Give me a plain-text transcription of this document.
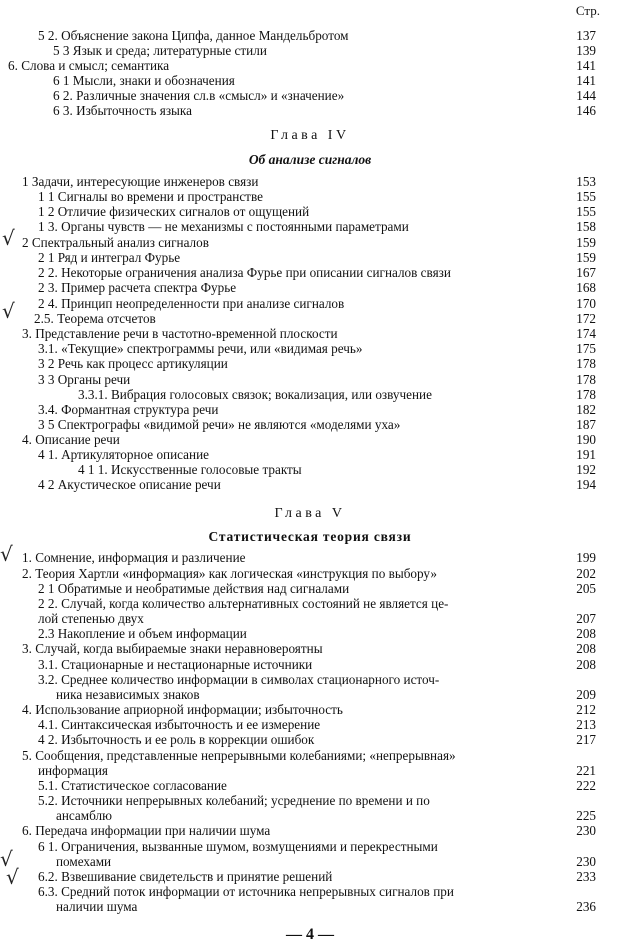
Стр.
5 2. Объяснение закона Ципфа, данное Мандельбротом	137
5 3 Язык и среда; литературные стили	139
6. Слова и смысл; семантика	141
6 1 Мысли, знаки и обозначения	141
6 2. Различные значения сл.в «смысл» и «значение»	144
6 3. Избыточность языка	146
1 Задачи, интересующие инженеров связи	153
1 1 Сигналы во времени и пространстве	155
1 2 Отличие физических сигналов от ощущений	155
1 3. Органы чувств — не механизмы с постоянными параметрами	158
2 Спектральный анализ сигналов	159
2 1 Ряд и интеграл Фурье	159
2 2. Некоторые ограничения анализа Фурье при описании сигналов связи	167
2 3. Пример расчета спектра Фурье	168
2 4. Принцип неопределенности при анализе сигналов	170
2.5. Теорема отсчетов	172
3. Представление речи в частотно-временной плоскости	174
3.1. «Текущие» спектрограммы речи, или «видимая речь»	175
3 2 Речь как процесс артикуляции	178
3 3 Органы речи	178
3.3.1. Вибрация голосовых связок; вокализация, или озвучение	178
3.4. Формантная структура речи	182
3 5 Спектрографы «видимой речи» не являются «моделями уха»	187
4. Описание речи	190
4 1. Артикуляторное описание	191
4 1 1. Искусственные голосовые тракты	192
4 2 Акустическое описание речи	194
1. Сомнение, информация и различение	199
2. Теория Хартли «информация» как логическая «инструкция по выбору»	202
2 1 Обратимые и необратимые действия над сигналами	205
2 2. Случай, когда количество альтернативных состояний не является це-
лой степенью двух	207
2.3 Накопление и объем информации	208
3. Случай, когда выбираемые знаки неравновероятны	208
3.1. Стационарные и нестационарные источники	208
3.2. Среднее количество информации в символах стационарного источ-
ника независимых знаков	209
4. Использование априорной информации; избыточность	212
4.1. Синтаксическая избыточность и ее измерение	213
4 2. Избыточность и ее роль в коррекции ошибок	217
5. Сообщения, представленные непрерывными колебаниями; «непрерывная»
информация	221
5.1. Статистическое согласование	222
5.2. Источники непрерывных колебаний; усреднение по времени и по
ансамблю	225
6. Передача информации при наличии шума	230
6 1. Ограничения, вызванные шумом, возмущениями и перекрестными
помехами	230
6.2. Взвешивание свидетельств и принятие решений	233
6.3. Средний поток информации от источника непрерывных сигналов при
наличии шума	236
Глава IV
Об анализе сигналов
Глава V
Статистическая теория связи
√
√
√
√
√
— 4 —
